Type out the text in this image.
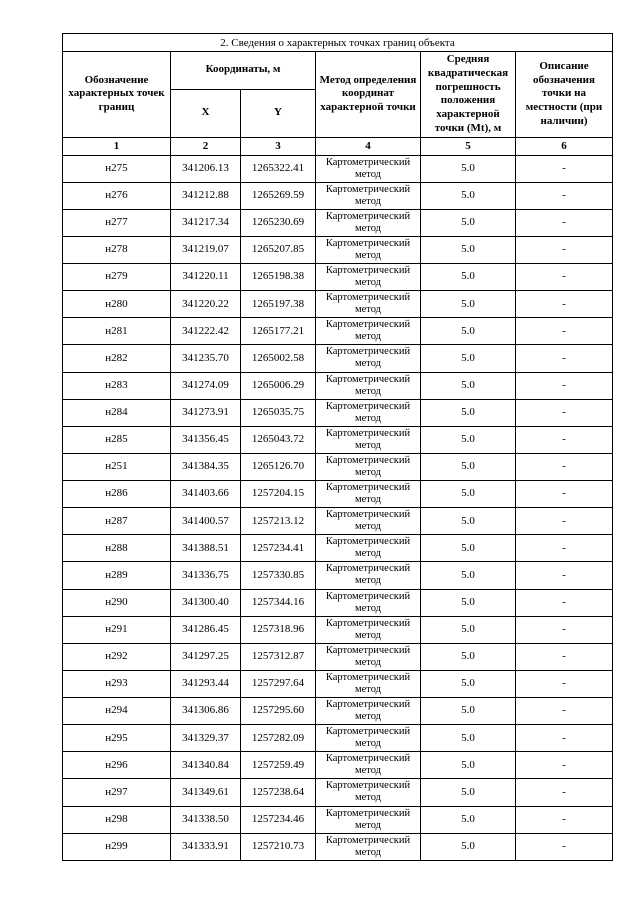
2. Сведения о характерных точках границ объекта					
Обозначение характерных точек границ	Координаты, м		Метод определения координат характерной точки	Средняя квадратическая погрешность положения характерной точки (Mt), м	Описание обозначения точки на местности (при наличии)
	X	Y			
1	2	3	4	5	6
н275	341206.13	1265322.41	Картометрический метод	5.0	-
н276	341212.88	1265269.59	Картометрический метод	5.0	-
н277	341217.34	1265230.69	Картометрический метод	5.0	-
н278	341219.07	1265207.85	Картометрический метод	5.0	-
н279	341220.11	1265198.38	Картометрический метод	5.0	-
н280	341220.22	1265197.38	Картометрический метод	5.0	-
н281	341222.42	1265177.21	Картометрический метод	5.0	-
н282	341235.70	1265002.58	Картометрический метод	5.0	-
н283	341274.09	1265006.29	Картометрический метод	5.0	-
н284	341273.91	1265035.75	Картометрический метод	5.0	-
н285	341356.45	1265043.72	Картометрический метод	5.0	-
н251	341384.35	1265126.70	Картометрический метод	5.0	-
н286	341403.66	1257204.15	Картометрический метод	5.0	-
н287	341400.57	1257213.12	Картометрический метод	5.0	-
н288	341388.51	1257234.41	Картометрический метод	5.0	-
н289	341336.75	1257330.85	Картометрический метод	5.0	-
н290	341300.40	1257344.16	Картометрический метод	5.0	-
н291	341286.45	1257318.96	Картометрический метод	5.0	-
н292	341297.25	1257312.87	Картометрический метод	5.0	-
н293	341293.44	1257297.64	Картометрический метод	5.0	-
н294	341306.86	1257295.60	Картометрический метод	5.0	-
н295	341329.37	1257282.09	Картометрический метод	5.0	-
н296	341340.84	1257259.49	Картометрический метод	5.0	-
н297	341349.61	1257238.64	Картометрический метод	5.0	-
н298	341338.50	1257234.46	Картометрический метод	5.0	-
н299	341333.91	1257210.73	Картометрический метод	5.0	-
